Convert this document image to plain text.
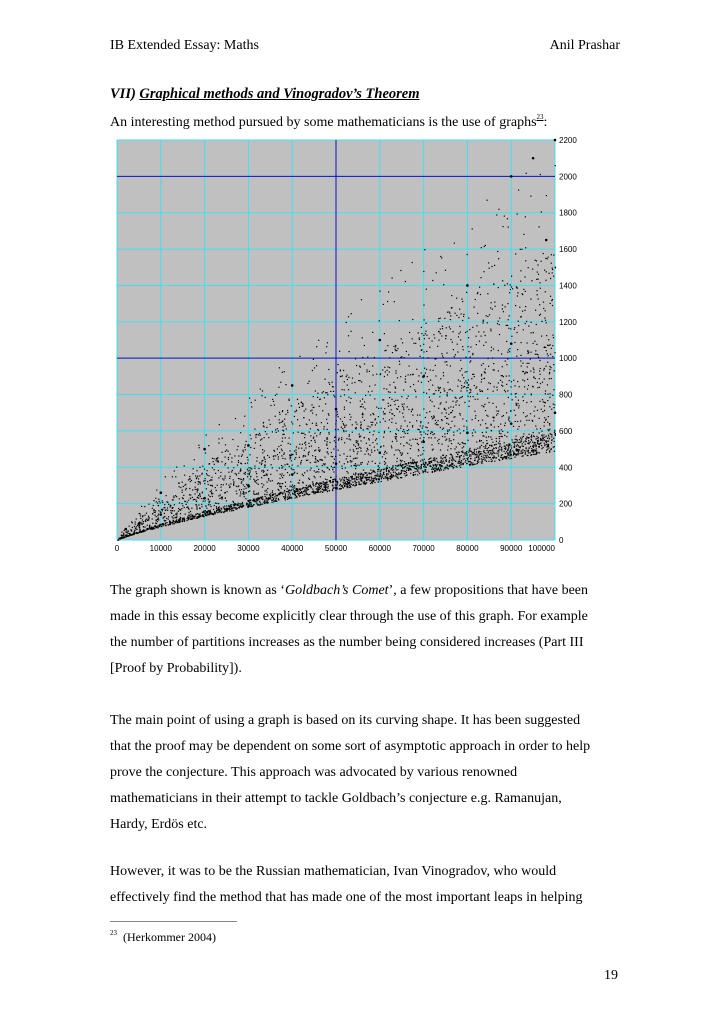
IB Extended Essay: Maths	Anil Prashar
VII) Graphical methods and Vinogradov’s Theorem
An interesting method pursued by some mathematicians is the use of graphs$^{23}$:
0	10000	20000	30000	40000	50000	60000	70000	80000	90000 100000
0
200
400
600
800
1000
1200
1400
1600
1800
2000
2200
The graph shown is known as ‘Goldbach’s Comet’, a few propositions that have been
made in this essay become explicitly clear through the use of this graph. For example
the number of partitions increases as the number being considered increases (Part III
[Proof by Probability]).
The main point of using a graph is based on its curving shape. It has been suggested
that the proof may be dependent on some sort of asymptotic approach in order to help
prove the conjecture. This approach was advocated by various renowned
mathematicians in their attempt to tackle Goldbach’s conjecture e.g. Ramanujan,
Hardy, Erdös etc.
However, it was to be the Russian mathematician, Ivan Vinogradov, who would
effectively find the method that has made one of the most important leaps in helping
$^{23}$ (Herkommer 2004)
19
